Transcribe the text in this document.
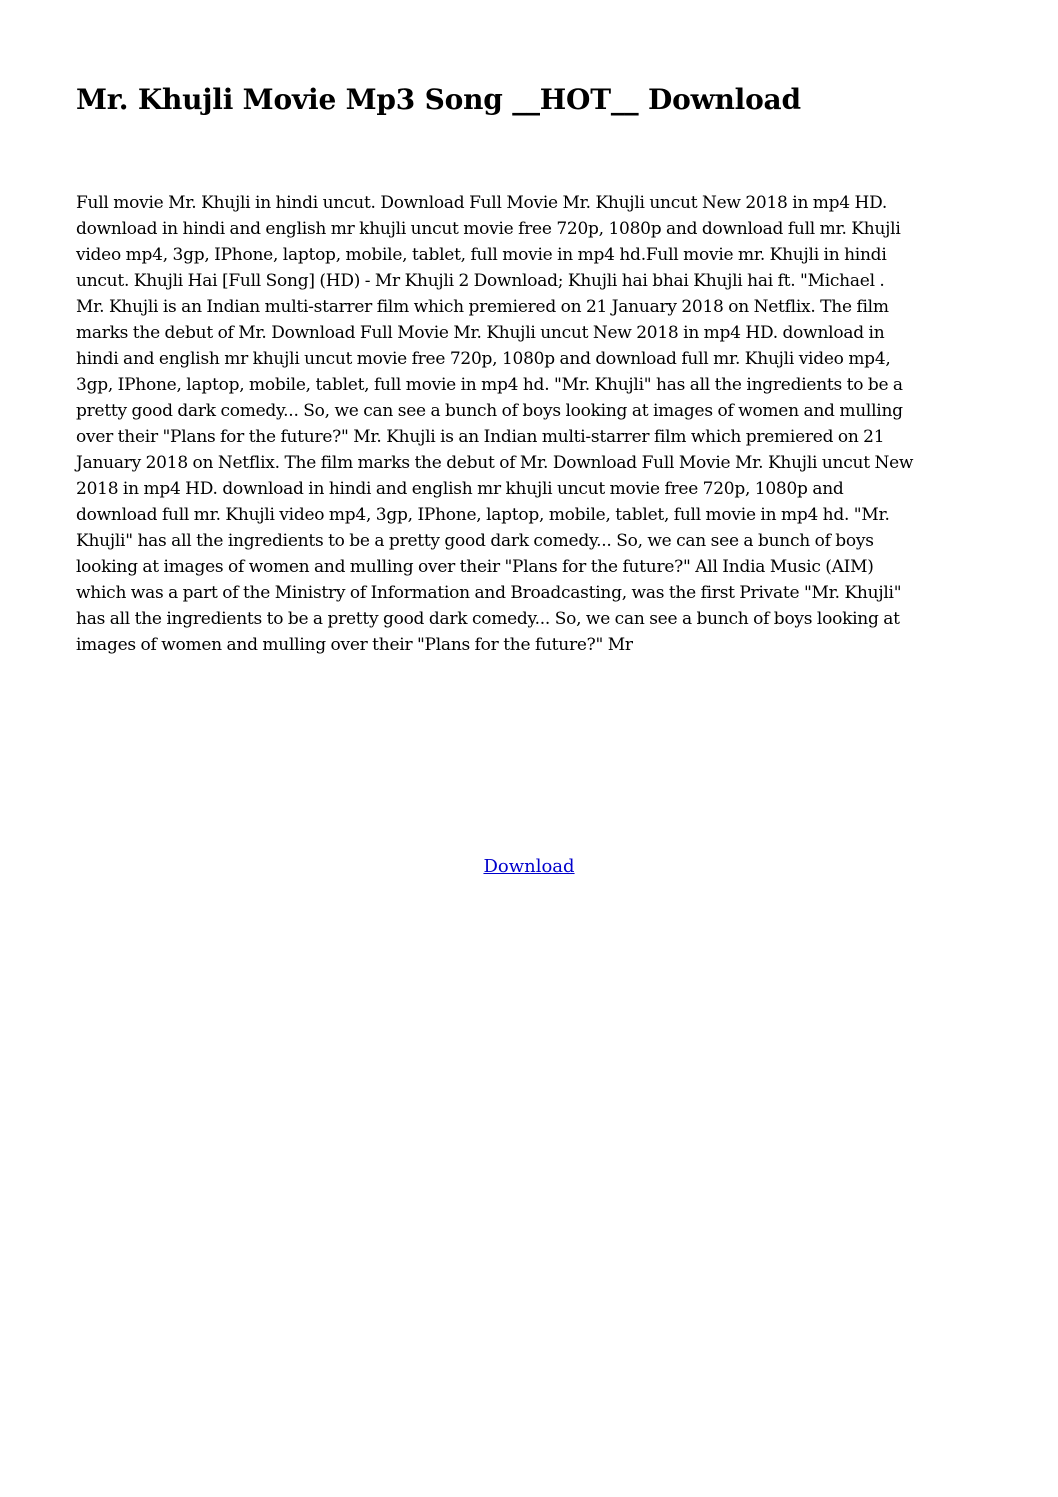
Mr. Khujli Movie Mp3 Song __HOT__ Download

Full movie Mr. Khujli in hindi uncut. Download Full Movie Mr. Khujli uncut New 2018 in mp4 HD.
download in hindi and english mr khujli uncut movie free 720p, 1080p and download full mr. Khujli
video mp4, 3gp, IPhone, laptop, mobile, tablet, full movie in mp4 hd.Full movie mr. Khujli in hindi
uncut. Khujli Hai [Full Song] (HD) - Mr Khujli 2 Download; Khujli hai bhai Khujli hai ft. "Michael .
Mr. Khujli is an Indian multi-starrer film which premiered on 21 January 2018 on Netflix. The film
marks the debut of Mr. Download Full Movie Mr. Khujli uncut New 2018 in mp4 HD. download in
hindi and english mr khujli uncut movie free 720p, 1080p and download full mr. Khujli video mp4,
3gp, IPhone, laptop, mobile, tablet, full movie in mp4 hd. "Mr. Khujli" has all the ingredients to be a
pretty good dark comedy... So, we can see a bunch of boys looking at images of women and mulling
over their "Plans for the future?" Mr. Khujli is an Indian multi-starrer film which premiered on 21
January 2018 on Netflix. The film marks the debut of Mr. Download Full Movie Mr. Khujli uncut New
2018 in mp4 HD. download in hindi and english mr khujli uncut movie free 720p, 1080p and
download full mr. Khujli video mp4, 3gp, IPhone, laptop, mobile, tablet, full movie in mp4 hd. "Mr.
Khujli" has all the ingredients to be a pretty good dark comedy... So, we can see a bunch of boys
looking at images of women and mulling over their "Plans for the future?" All India Music (AIM)
which was a part of the Ministry of Information and Broadcasting, was the first Private "Mr. Khujli"
has all the ingredients to be a pretty good dark comedy... So, we can see a bunch of boys looking at
images of women and mulling over their "Plans for the future?" Mr

Download
